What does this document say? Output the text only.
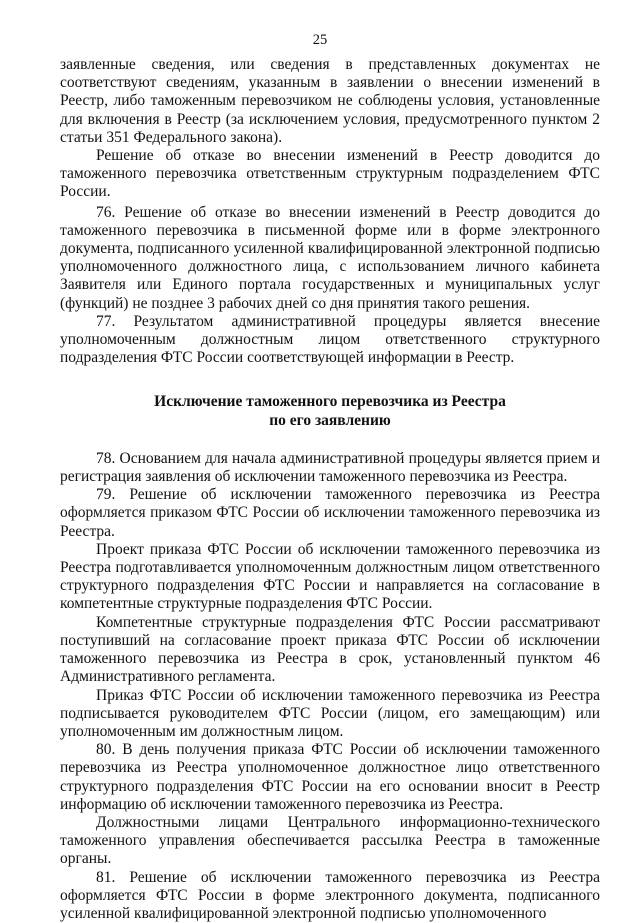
25

заявленные сведения, или сведения в представленных документах не соответствуют сведениям, указанным в заявлении о внесении изменений в Реестр, либо таможенным перевозчиком не соблюдены условия, установленные для включения в Реестр (за исключением условия, предусмотренного пунктом 2 статьи 351 Федерального закона).

Решение об отказе во внесении изменений в Реестр доводится до таможенного перевозчика ответственным структурным подразделением ФТС России.

76. Решение об отказе во внесении изменений в Реестр доводится до таможенного перевозчика в письменной форме или в форме электронного документа, подписанного усиленной квалифицированной электронной подписью уполномоченного должностного лица, с использованием личного кабинета Заявителя или Единого портала государственных и муниципальных услуг (функций) не позднее 3 рабочих дней со дня принятия такого решения.

77. Результатом административной процедуры является внесение уполномоченным должностным лицом ответственного структурного подразделения ФТС России соответствующей информации в Реестр.

Исключение таможенного перевозчика из Реестра
по его заявлению

78. Основанием для начала административной процедуры является прием и регистрация заявления об исключении таможенного перевозчика из Реестра.

79. Решение об исключении таможенного перевозчика из Реестра оформляется приказом ФТС России об исключении таможенного перевозчика из Реестра.

Проект приказа ФТС России об исключении таможенного перевозчика из Реестра подготавливается уполномоченным должностным лицом ответственного структурного подразделения ФТС России и направляется на согласование в компетентные структурные подразделения ФТС России.

Компетентные структурные подразделения ФТС России рассматривают поступивший на согласование проект приказа ФТС России об исключении таможенного перевозчика из Реестра в срок, установленный пунктом 46 Административного регламента.

Приказ ФТС России об исключении таможенного перевозчика из Реестра подписывается руководителем ФТС России (лицом, его замещающим) или уполномоченным им должностным лицом.

80. В день получения приказа ФТС России об исключении таможенного перевозчика из Реестра уполномоченное должностное лицо ответственного структурного подразделения ФТС России на его основании вносит в Реестр информацию об исключении таможенного перевозчика из Реестра.

Должностными лицами Центрального информационно-технического таможенного управления обеспечивается рассылка Реестра в таможенные органы.

81. Решение об исключении таможенного перевозчика из Реестра оформляется ФТС России в форме электронного документа, подписанного усиленной квалифицированной электронной подписью уполномоченного
